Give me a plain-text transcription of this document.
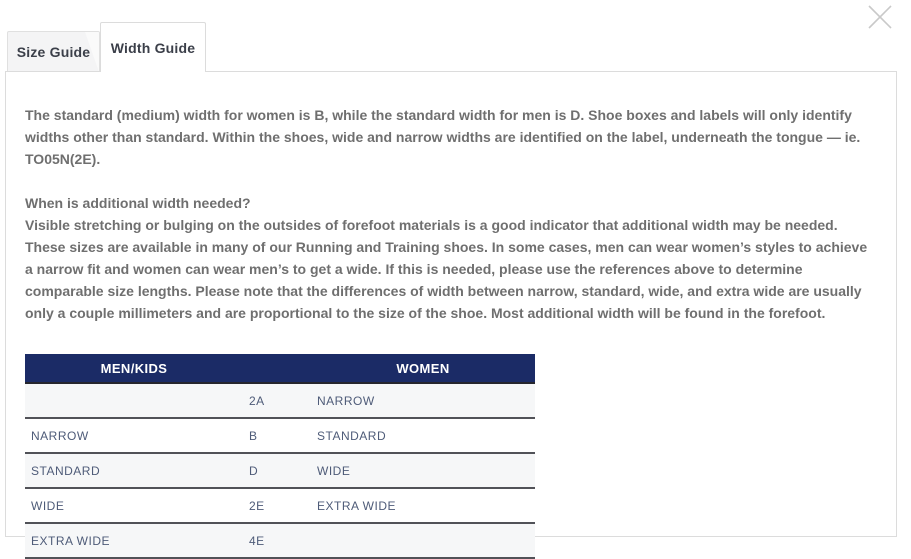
Size Guide Width Guide

The standard (medium) width for women is B, while the standard width for men is D. Shoe boxes and labels will only identify widths other than standard. Within the shoes, wide and narrow widths are identified on the label, underneath the tongue — ie. TO05N(2E).

When is additional width needed?
Visible stretching or bulging on the outsides of forefoot materials is a good indicator that additional width may be needed. These sizes are available in many of our Running and Training shoes. In some cases, men can wear women’s styles to achieve a narrow fit and women can wear men’s to get a wide. If this is needed, please use the references above to determine comparable size lengths. Please note that the differences of width between narrow, standard, wide, and extra wide are usually only a couple millimeters and are proportional to the size of the shoe. Most additional width will be found in the forefoot.

MEN/KIDS		WOMEN
	2A	NARROW
NARROW	B	STANDARD
STANDARD	D	WIDE
WIDE	2E	EXTRA WIDE
EXTRA WIDE	4E	
